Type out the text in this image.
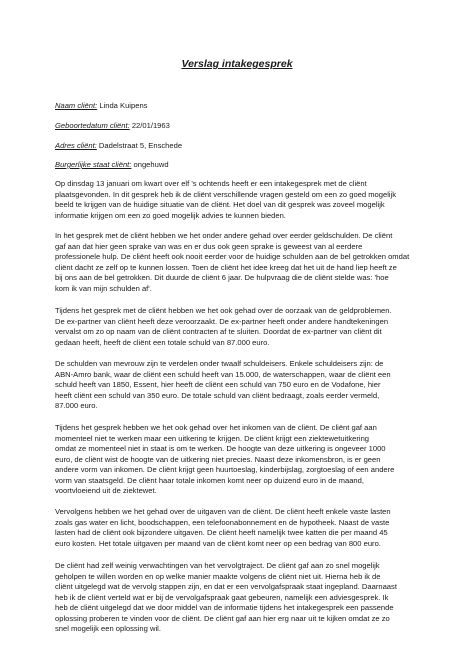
Verslag intakegesprek
Naam cliënt: Linda Kuipens
Geboortedatum cliënt: 22/01/1963
Adres cliënt: Dadelstraat 5, Enschede
Burgerlijke staat cliënt: ongehuwd
Op dinsdag 13 januari om kwart over elf 's ochtends heeft er een intakegesprek met de cliënt
plaatsgevonden. In dit gesprek heb ik de cliënt verschillende vragen gesteld om een zo goed mogelijk
beeld te krijgen van de huidige situatie van de cliënt. Het doel van dit gesprek was zoveel mogelijk
informatie krijgen om een zo goed mogelijk advies te kunnen bieden.
In het gesprek met de cliënt hebben we het onder andere gehad over eerder geldschulden. De cliënt
gaf aan dat hier geen sprake van was en er dus ook geen sprake is geweest van al eerdere
professionele hulp. De cliënt heeft ook nooit eerder voor de huidige schulden aan de bel getrokken omdat
cliënt dacht ze zelf op te kunnen lossen. Toen de cliënt het idee kreeg dat het uit de hand liep heeft ze
bij ons aan de bel getrokken. Dit duurde de cliënt 6 jaar. De hulpvraag die de cliënt stelde was: 'hoe
kom ik van mijn schulden af'.
Tijdens het gesprek met de cliënt hebben we het ook gehad over de oorzaak van de geldproblemen.
De ex-partner van cliënt heeft deze veroorzaakt. De ex-partner heeft onder andere handtekeningen
vervalst om zo op naam van de cliënt contracten af te sluiten. Doordat de ex-partner van cliënt dit
gedaan heeft, heeft de cliënt een totale schuld van 87.000 euro.
De schulden van mevrouw zijn te verdelen onder twaalf schuldeisers. Enkele schuldeisers zijn: de
ABN-Amro bank, waar de cliënt een schuld heeft van 15.000, de waterschappen, waar de cliënt een
schuld heeft van 1850, Essent, hier heeft de cliënt een schuld van 750 euro en de Vodafone, hier
heeft cliënt een schuld van 350 euro. De totale schuld van cliënt bedraagt, zoals eerder vermeld,
87.000 euro.
Tijdens het gesprek hebben we het ook gehad over het inkomen van de cliënt. De cliënt gaf aan
momenteel niet te werken maar een uitkering te krijgen. De cliënt krijgt een ziektewetuitkering
omdat ze momenteel niet in staat is om te werken. De hoogte van deze uitkering is ongeveer 1000
euro, de cliënt wist de hoogte van de uitkering niet precies. Naast deze inkomensbron, is er geen
andere vorm van inkomen. De cliënt krijgt geen huurtoeslag, kinderbijslag, zorgtoeslag of een andere
vorm van staatsgeld. De cliënt haar totale inkomen komt neer op duizend euro in de maand,
voortvloeiend uit de ziektewet.
Vervolgens hebben we het gehad over de uitgaven van de cliënt. De cliënt heeft enkele vaste lasten
zoals gas water en licht, boodschappen, een telefoonabonnement en de hypotheek. Naast de vaste
lasten had de cliënt ook bijzondere uitgaven. De cliënt heeft namelijk twee katten die per maand 45
euro kosten. Het totale uitgaven per maand van de cliënt komt neer op een bedrag van 800 euro.
De cliënt had zelf weinig verwachtingen van het vervolgtraject. De cliënt gaf aan zo snel mogelijk
geholpen te willen worden en op welke manier maakte volgens de cliënt niet uit. Hierna heb ik de
cliënt uitgelegd wat de vervolg stappen zijn, en dat er een vervolgafspraak staat ingepland. Daarnaast
heb ik de cliënt verteld wat er bij de vervolgafspraak gaat gebeuren, namelijk een adviesgesprek. Ik
heb de cliënt uitgelegd dat we door middel van de informatie tijdens het intakegesprek een passende
oplossing proberen te vinden voor de cliënt. De cliënt gaf aan hier erg naar uit te kijken omdat ze zo
snel mogelijk een oplossing wil.
